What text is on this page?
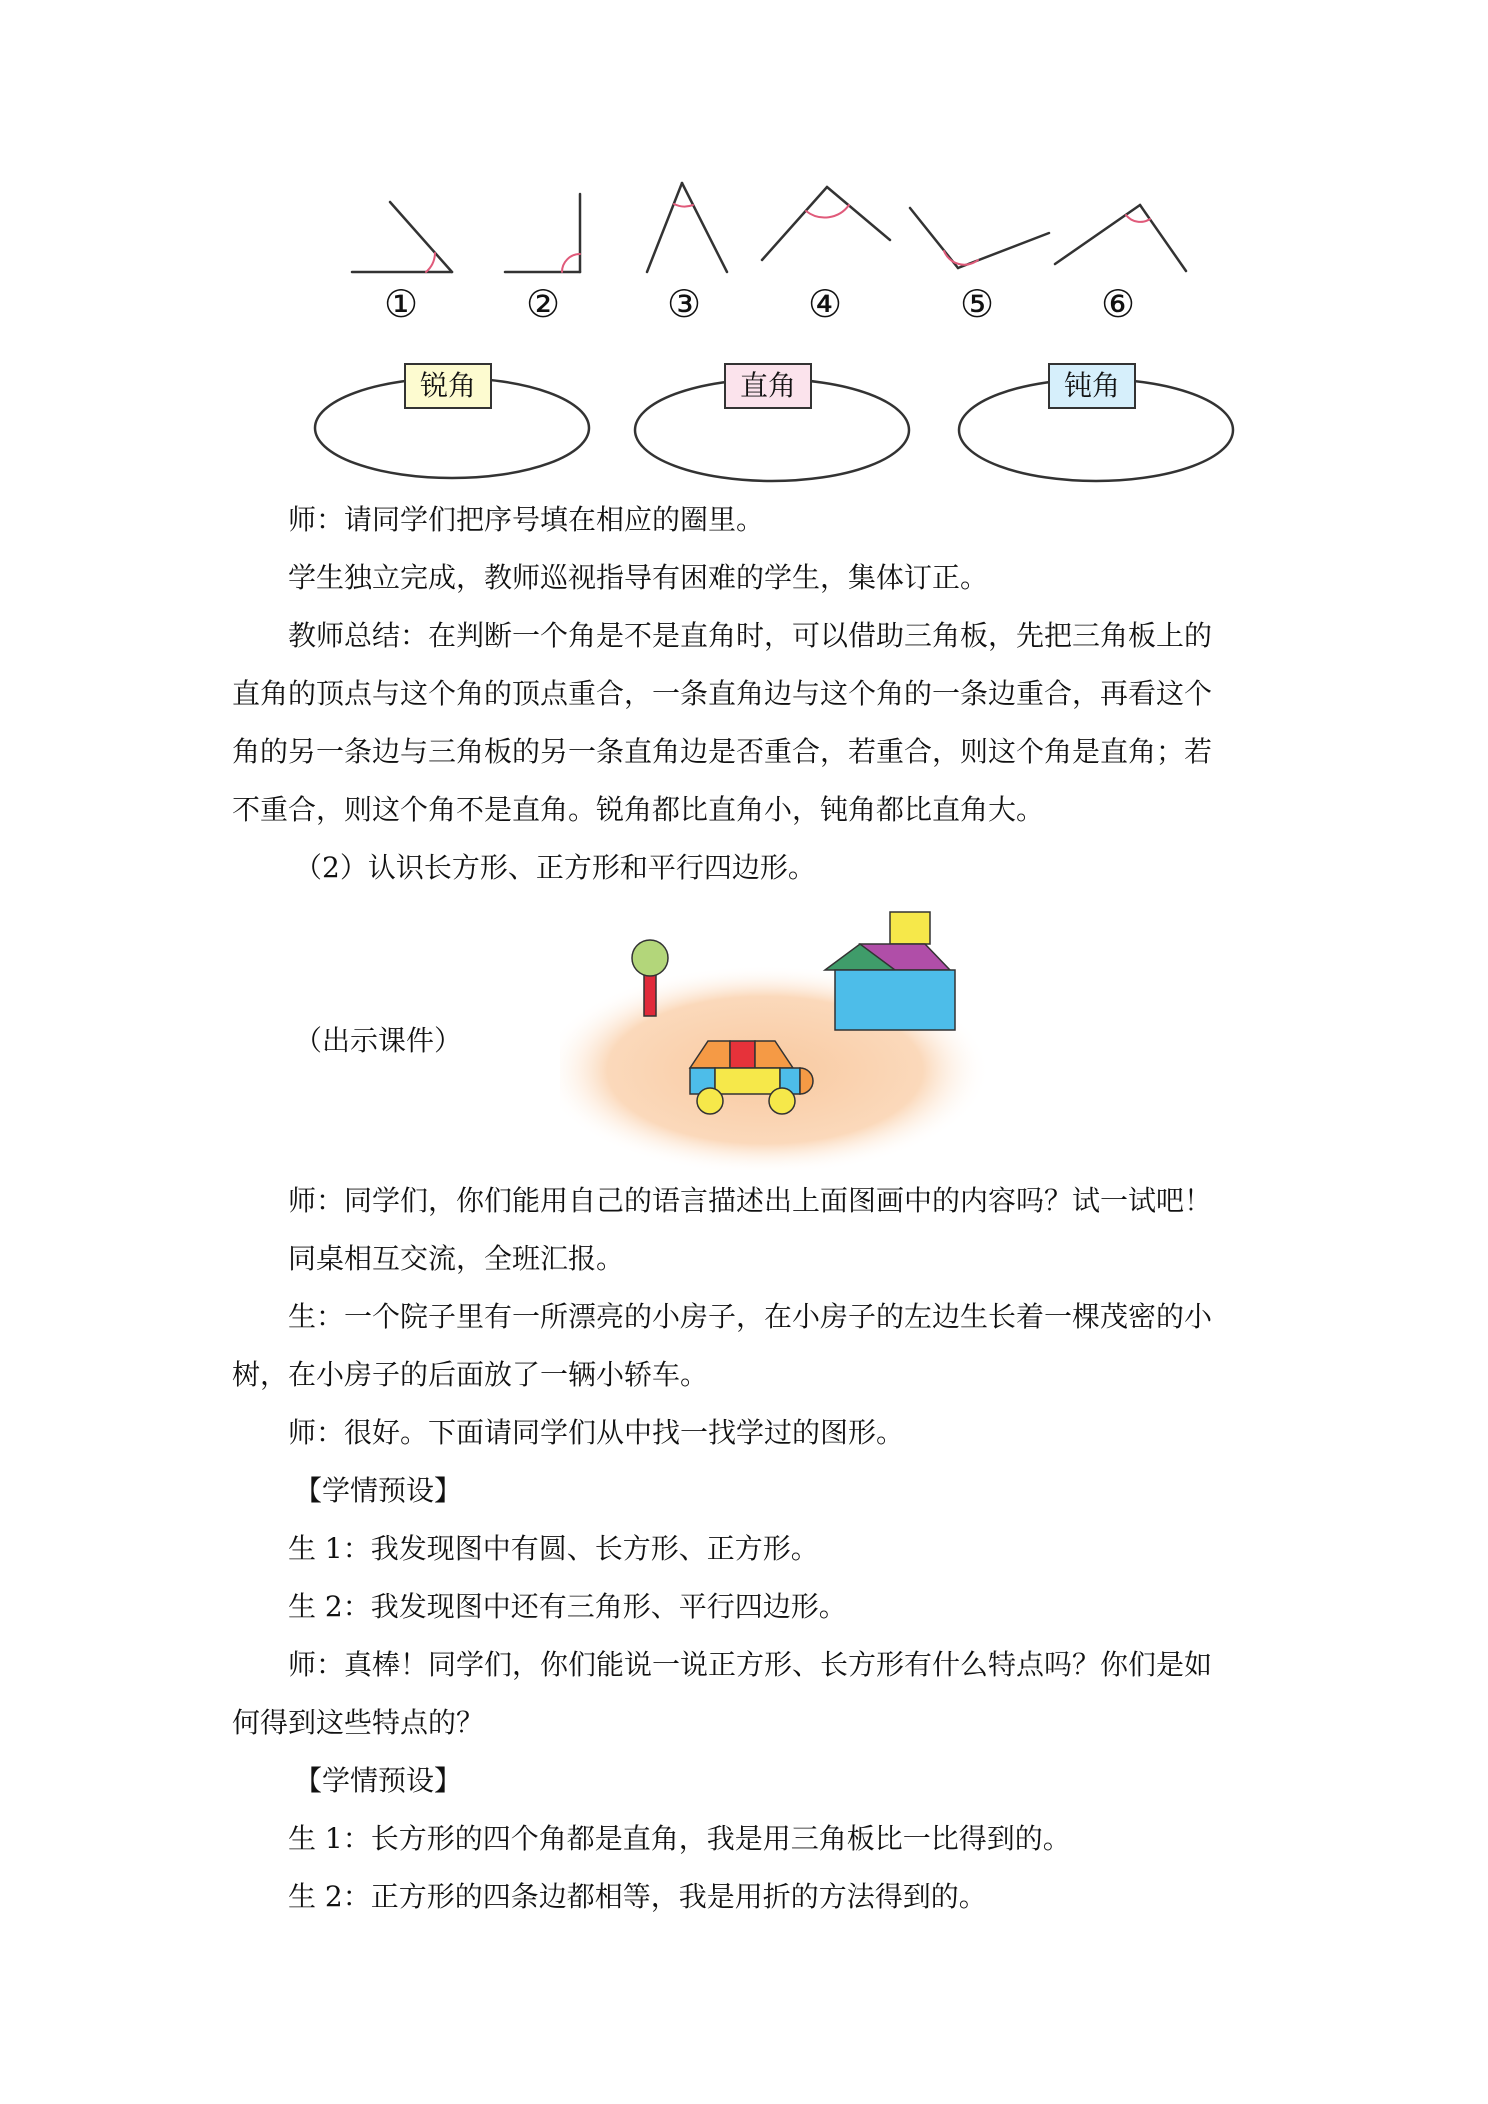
①	②	③	④	⑤	⑥
锐角	直角	钝角

师：请同学们把序号填在相应的圈里。

学生独立完成，教师巡视指导有困难的学生，集体订正。

教师总结：在判断一个角是不是直角时，可以借助三角板，先把三角板上的

直角的顶点与这个角的顶点重合，一条直角边与这个角的一条边重合，再看这个

角的另一条边与三角板的另一条直角边是否重合，若重合，则这个角是直角；若

不重合，则这个角不是直角。锐角都比直角小，钝角都比直角大。

（2）认识长方形、正方形和平行四边形。

（出示课件）

师：同学们，你们能用自己的语言描述出上面图画中的内容吗？试一试吧！

同桌相互交流，全班汇报。

生：一个院子里有一所漂亮的小房子，在小房子的左边生长着一棵茂密的小

树，在小房子的后面放了一辆小轿车。

师：很好。下面请同学们从中找一找学过的图形。

【学情预设】

生 1：我发现图中有圆、长方形、正方形。

生 2：我发现图中还有三角形、平行四边形。

师：真棒！同学们，你们能说一说正方形、长方形有什么特点吗？你们是如

何得到这些特点的？

【学情预设】

生 1：长方形的四个角都是直角，我是用三角板比一比得到的。

生 2：正方形的四条边都相等，我是用折的方法得到的。
